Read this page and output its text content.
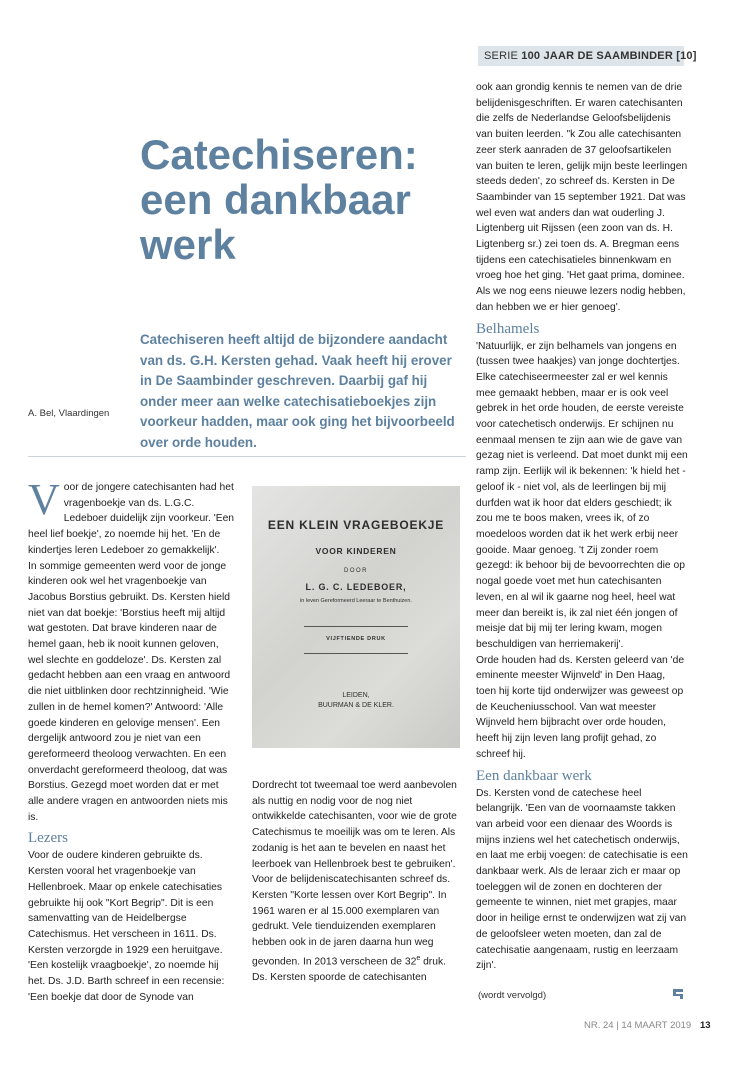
SERIE 100 JAAR DE SAAMBINDER [10]
Catechiseren: een dankbaar werk

Catechiseren heeft altijd de bijzondere aandacht van ds. G.H. Kersten gehad. Vaak heeft hij erover in De Saambinder geschreven. Daarbij gaf hij onder meer aan welke catechisatieboekjes zijn voorkeur hadden, maar ook ging het bijvoorbeeld over orde houden.

A. Bel, Vlaardingen
V oor de jongere catechisanten had het vragenboekje van ds. L.G.C. Ledeboer duidelijk zijn voorkeur. 'Een heel lief boekje', zo noemde hij het. 'En de kindertjes leren Ledeboer zo gemakkelijk'.

In sommige gemeenten werd voor de jonge kinderen ook wel het vragenboekje van Jacobus Borstius gebruikt. Ds. Kersten hield niet van dat boekje: 'Borstius heeft mij altijd wat gestoten. Dat brave kinderen naar de hemel gaan, heb ik nooit kunnen geloven, wel slechte en goddeloze'. Ds. Kersten zal gedacht hebben aan een vraag en antwoord die niet uitblinken door rechtzinnigheid. 'Wie zullen in de hemel komen?' Antwoord: 'Alle goede kinderen en gelovige mensen'. Een dergelijk antwoord zou je niet van een gereformeerd theoloog verwachten. En een onverdacht gereformeerd theoloog, dat was Borstius. Gezegd moet worden dat er met alle andere vragen en antwoorden niets mis is.

Lezers

Voor de oudere kinderen gebruikte ds. Kersten vooral het vragenboekje van Hellenbroek. Maar op enkele catechisaties gebruikte hij ook "Kort Begrip". Dit is een samenvatting van de Heidelbergse Catechismus. Het verscheen in 1611. Ds. Kersten verzorgde in 1929 een heruitgave. 'Een kostelijk vraagboekje', zo noemde hij het. Ds. J.D. Barth schreef in een recensie: 'Een boekje dat door de Synode van

EEN KLEIN VRAGEBOEKJE
VOOR KINDEREN
DOOR
L. G. C. LEDEBOER,
in leven Gereformeerd Leeraar te Benthuizen.
VIJFTIENDE DRUK
LEIDEN,
BUURMAN & DE KLER.

Dordrecht tot tweemaal toe werd aanbevolen als nuttig en nodig voor de nog niet ontwikkelde catechisanten, voor wie de grote Catechismus te moeilijk was om te leren. Als zodanig is het aan te bevelen en naast het leerboek van Hellenbroek best te gebruiken'.

Voor de belijdeniscatechisanten schreef ds. Kersten "Korte lessen over Kort Begrip". In 1961 waren er al 15.000 exemplaren van gedrukt. Vele tienduizenden exemplaren hebben ook in de jaren daarna hun weg gevonden. In 2013 verscheen de 32e druk.

Ds. Kersten spoorde de catechisanten

ook aan grondig kennis te nemen van de drie belijdenisgeschriften. Er waren catechisanten die zelfs de Nederlandse Geloofsbelijdenis van buiten leerden. "k Zou alle catechisanten zeer sterk aanraden de 37 geloofsartikelen van buiten te leren, gelijk mijn beste leerlingen steeds deden', zo schreef ds. Kersten in De Saambinder van 15 september 1921. Dat was wel even wat anders dan wat ouderling J. Ligtenberg uit Rijssen (een zoon van ds. H. Ligtenberg sr.) zei toen ds. A. Bregman eens tijdens een catechisatieles binnenkwam en vroeg hoe het ging. 'Het gaat prima, dominee. Als we nog eens nieuwe lezers nodig hebben, dan hebben we er hier genoeg'.

Belhamels

'Natuurlijk, er zijn belhamels van jongens en (tussen twee haakjes) van jonge dochtertjes. Elke catechiseermeester zal er wel kennis mee gemaakt hebben, maar er is ook veel gebrek in het orde houden, de eerste vereiste voor catechetisch onderwijs. Er schijnen nu eenmaal mensen te zijn aan wie de gave van gezag niet is verleend. Dat moet dunkt mij een ramp zijn. Eerlijk wil ik bekennen: 'k hield het - geloof ik - niet vol, als de leerlingen bij mij durfden wat ik hoor dat elders geschiedt; ik zou me te boos maken, vrees ik, of zo moedeloos worden dat ik het werk erbij neer gooide. Maar genoeg. 't Zij zonder roem gezegd: ik behoor bij de bevoorrechten die op nogal goede voet met hun catechisanten leven, en al wil ik gaarne nog heel, heel wat meer dan bereikt is, ik zal niet één jongen of meisje dat bij mij ter lering kwam, mogen beschuldigen van herriemakerij'.

Orde houden had ds. Kersten geleerd van 'de eminente meester Wijnveld' in Den Haag, toen hij korte tijd onderwijzer was geweest op de Keucheniusschool. Van wat meester Wijnveld hem bijbracht over orde houden, heeft hij zijn leven lang profijt gehad, zo schreef hij.

Een dankbaar werk

Ds. Kersten vond de catechese heel belangrijk. 'Een van de voornaamste takken van arbeid voor een dienaar des Woords is mijns inziens wel het catechetisch onderwijs, en laat me erbij voegen: de catechisatie is een dankbaar werk. Als de leraar zich er maar op toeleggen wil de zonen en dochteren der gemeente te winnen, niet met grapjes, maar door in heilige ernst te onderwijzen wat zij van de geloofsleer weten moeten, dan zal de catechisatie aangenaam, rustig en leerzaam zijn'.

(wordt vervolgd)
NR. 24 | 14 MAART 2019 13
